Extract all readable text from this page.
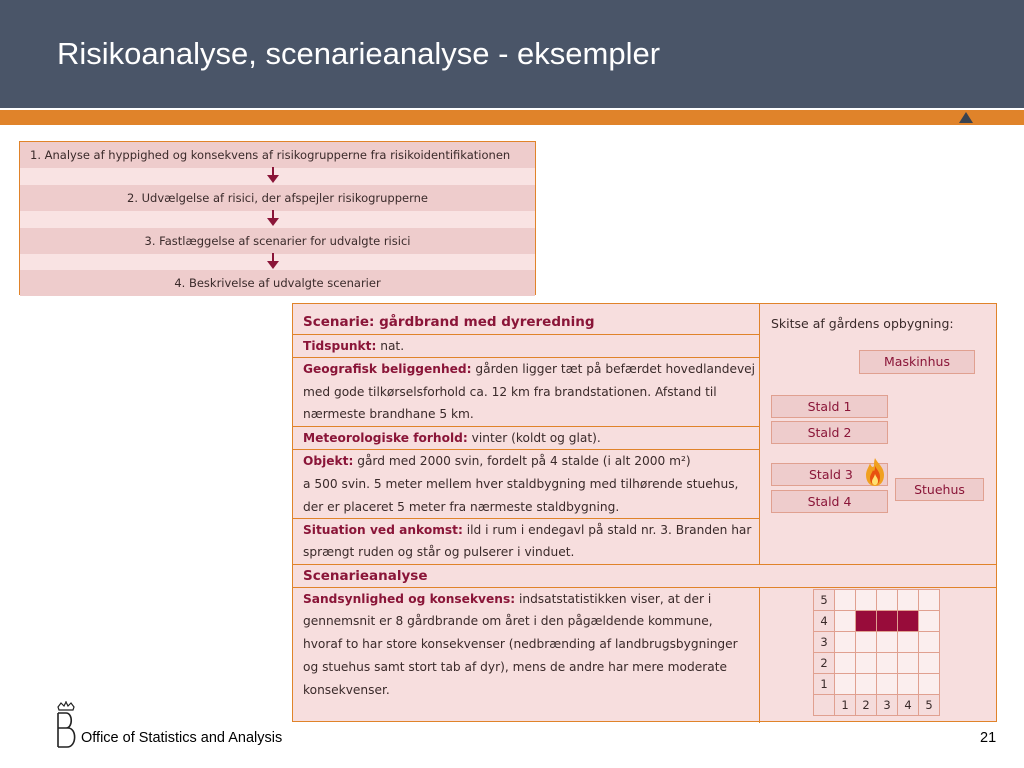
Risikoanalyse, scenarieanalyse - eksempler
1. Analyse af hyppighed og konsekvens af risikogrupperne fra risikoidentifikationen
2. Udvælgelse af risici, der afspejler risikogrupperne
3. Fastlæggelse af scenarier for udvalgte risici
4. Beskrivelse af udvalgte scenarier
Scenarie: gårdbrand med dyreredning
Tidspunkt: nat.
Geografisk beliggenhed: gården ligger tæt på befærdet hovedlandevej
med gode tilkørselsforhold ca. 12 km fra brandstationen. Afstand til
nærmeste brandhane 5 km.
Meteorologiske forhold: vinter (koldt og glat).
Objekt: gård med 2000 svin, fordelt på 4 stalde (i alt 2000 m²)
a 500 svin. 5 meter mellem hver staldbygning med tilhørende stuehus,
der er placeret 5 meter fra nærmeste staldbygning.
Situation ved ankomst: ild i rum i endegavl på stald nr. 3. Branden har
sprængt ruden og står og pulserer i vinduet.
Scenarieanalyse
Sandsynlighed og konsekvens: indsatstatistikken viser, at der i
gennemsnit er 8 gårdbrande om året i den pågældende kommune,
hvoraf to har store konsekvenser (nedbrænding af landbrugsbygninger
og stuehus samt stort tab af dyr), mens de andre har mere moderate
konsekvenser.
Skitse af gårdens opbygning:
Maskinhus
Stald 1
Stald 2
Stald 3
Stald 4
Stuehus
5					
4					
3					
2					
1					
	1	2	3	4	5
Office of Statistics and Analysis	21
